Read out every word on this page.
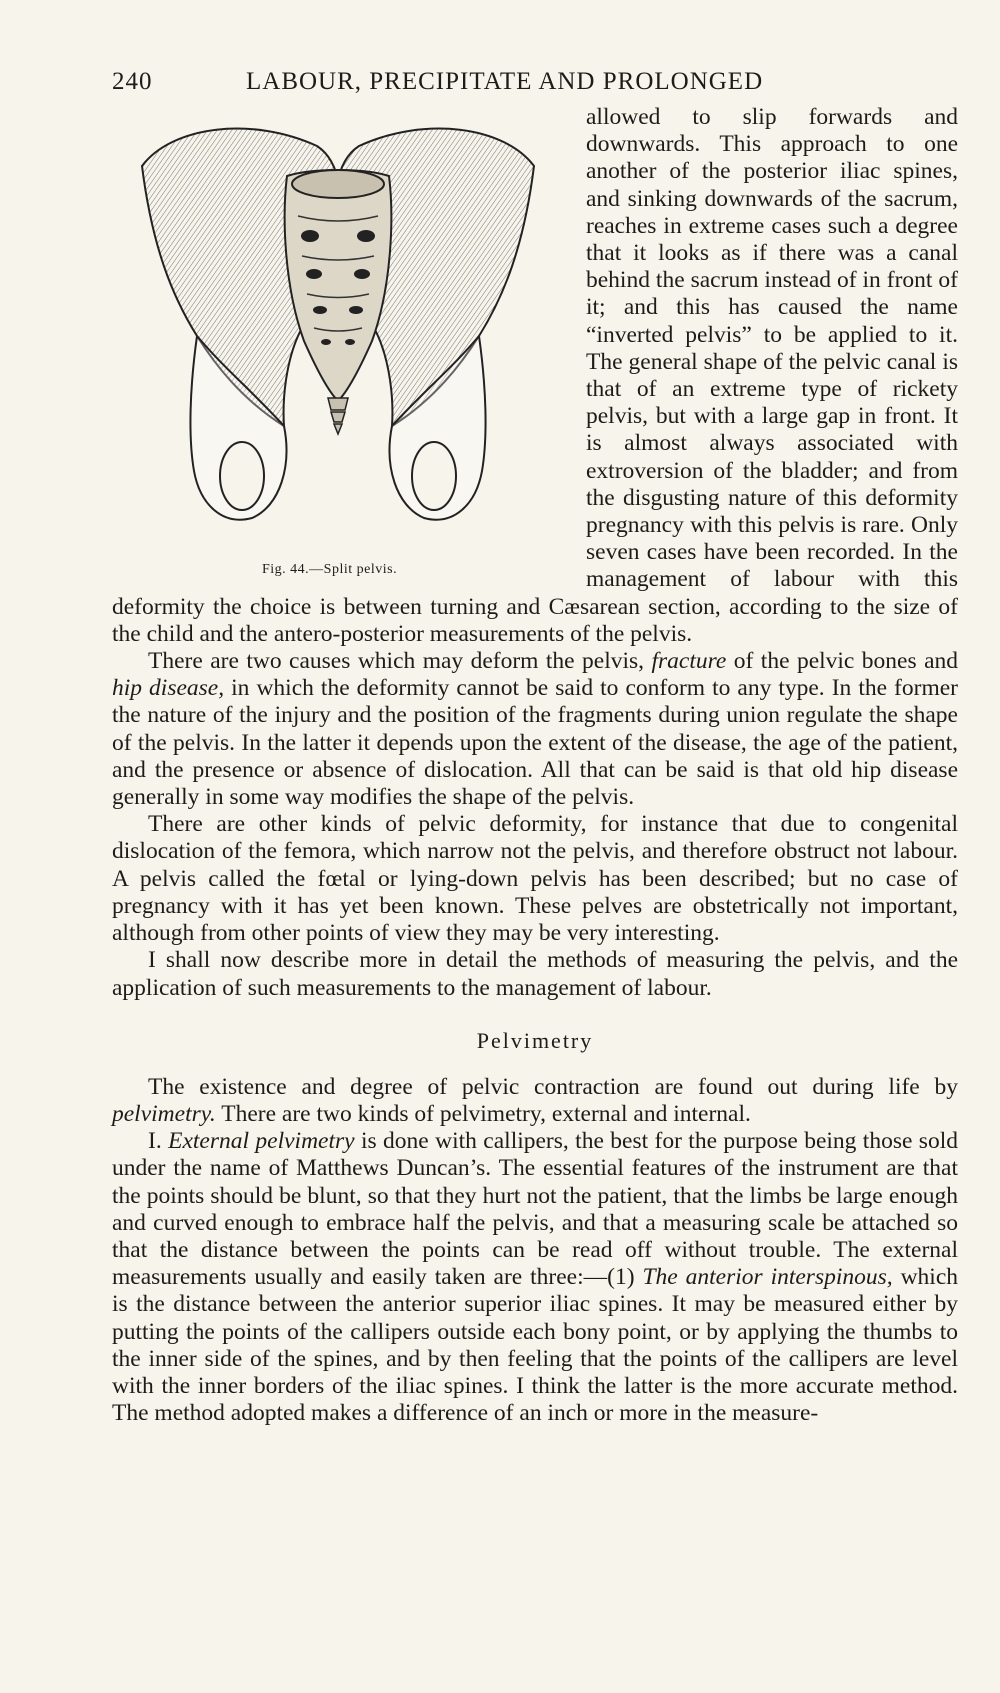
240	LABOUR, PRECIPITATE AND PROLONGED
Fig. 44.—Split pelvis.

allowed to slip forwards and downwards. This approach to one another of the posterior iliac spines, and sinking downwards of the sacrum, reaches in extreme cases such a degree that it looks as if there was a canal behind the sacrum instead of in front of it; and this has caused the name “inverted pelvis” to be applied to it. The general shape of the pelvic canal is that of an extreme type of rickety pelvis, but with a large gap in front. It is almost always associated with extroversion of the bladder; and from the disgusting nature of this deformity pregnancy with this pelvis is rare. Only seven cases have been recorded. In the management of labour with this deformity the choice is between turning and Cæsarean section, according to the size of the child and the antero-posterior measurements of the pelvis.

There are two causes which may deform the pelvis, fracture of the pelvic bones and hip disease, in which the deformity cannot be said to conform to any type. In the former the nature of the injury and the position of the fragments during union regulate the shape of the pelvis. In the latter it depends upon the extent of the disease, the age of the patient, and the presence or absence of dislocation. All that can be said is that old hip disease generally in some way modifies the shape of the pelvis.

There are other kinds of pelvic deformity, for instance that due to congenital dislocation of the femora, which narrow not the pelvis, and therefore obstruct not labour. A pelvis called the fœtal or lying-down pelvis has been described; but no case of pregnancy with it has yet been known. These pelves are obstetrically not important, although from other points of view they may be very interesting.

I shall now describe more in detail the methods of measuring the pelvis, and the application of such measurements to the management of labour.

Pelvimetry

The existence and degree of pelvic contraction are found out during life by pelvimetry. There are two kinds of pelvimetry, external and internal.

I. External pelvimetry is done with callipers, the best for the purpose being those sold under the name of Matthews Duncan’s. The essential features of the instrument are that the points should be blunt, so that they hurt not the patient, that the limbs be large enough and curved enough to embrace half the pelvis, and that a measuring scale be attached so that the distance between the points can be read off without trouble. The external measurements usually and easily taken are three:—(1) The anterior interspinous, which is the distance between the anterior superior iliac spines. It may be measured either by putting the points of the callipers outside each bony point, or by applying the thumbs to the inner side of the spines, and by then feeling that the points of the callipers are level with the inner borders of the iliac spines. I think the latter is the more accurate method. The method adopted makes a difference of an inch or more in the measure-
